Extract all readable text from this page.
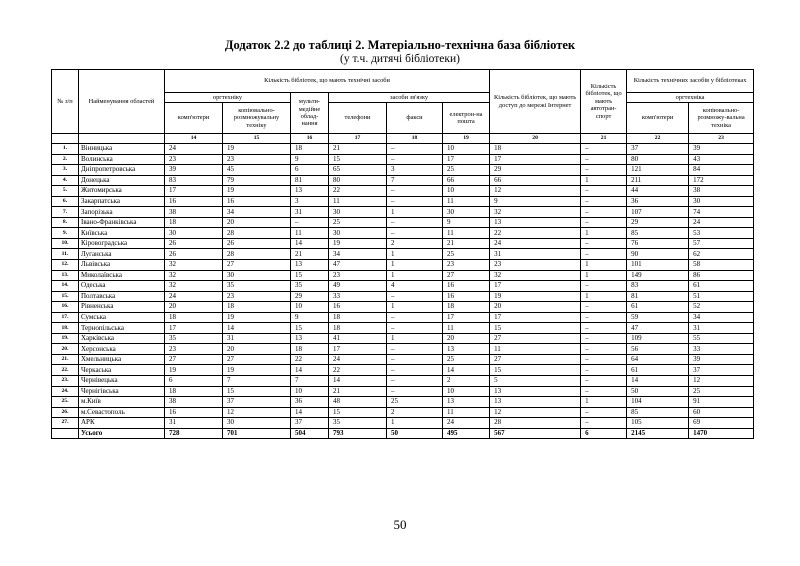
Додаток 2.2 до таблиці 2. Матеріально-технічна база бібліотек
(у т.ч. дитячі бібліотеки)
№ з/п	Найменування областей	Кількість бібліотек, що мають технічні засоби						Кількість бібліотек, що мають доступ до мережі Інтернет	Кількість бібліотек, що мають автотран-спорт	Кількість технічних засобів у бібліотеках	
		оргтехніку		мульти-медійне облад-нання	засоби зв'язку					оргтехніка	
		комп'ютери	копіювально-розмножувальну техніку		телефони	факси	електрон-на пошта			комп'ютери	копіювально-розмножу-вальна техніка
		14	15	16	17	18	19	20	21	22	23
1.	Вінницька	24	19	18	21	–	10	18	–	37	39
2.	Волинська	23	23	9	15	–	17	17	–	80	43
3.	Дніпропетровська	39	45	6	65	3	25	29	–	121	84
4.	Донецька	83	79	81	80	7	66	66	1	211	172
5.	Житомирська	17	19	13	22	–	10	12	–	44	38
6.	Закарпатська	16	16	3	11	–	11	9	–	36	30
7.	Запорізька	38	34	31	30	1	30	32	–	107	74
8.	Івано-Франківська	18	20	–	25	–	9	13	–	29	24
9.	Київська	30	28	11	30	–	11	22	1	85	53
10.	Кіровоградська	26	26	14	19	2	21	24	–	76	57
11.	Луганська	26	28	21	34	1	25	31	–	90	62
12.	Львівська	32	27	13	47	1	23	23	1	101	58
13.	Миколаївська	32	30	15	23	1	27	32	1	149	86
14.	Одеська	32	35	35	49	4	16	17	–	83	61
15.	Полтавська	24	23	29	33	–	16	19	1	81	51
16.	Рівненська	20	18	10	16	1	18	20	–	61	52
17.	Сумська	18	19	9	18	–	17	17	–	59	34
18.	Тернопільська	17	14	15	18	–	11	15	–	47	31
19.	Харківська	35	31	13	41	1	20	27	–	109	55
20.	Херсонська	23	20	18	17	–	13	11	–	56	33
21.	Хмельницька	27	27	22	24	–	25	27	–	64	39
22.	Черкаська	19	19	14	22	–	14	15	–	61	37
23.	Чернівецька	6	7	7	14	–	2	5	–	14	12
24.	Чернігівська	18	15	10	21	–	10	13	–	50	25
25.	м.Київ	38	37	36	48	25	13	13	1	104	91
26.	м.Севастополь	16	12	14	15	2	11	12	–	85	60
27.	АРК	31	30	37	35	1	24	28	–	105	69
	Усього	728	701	504	793	50	495	567	6	2145	1470
50
